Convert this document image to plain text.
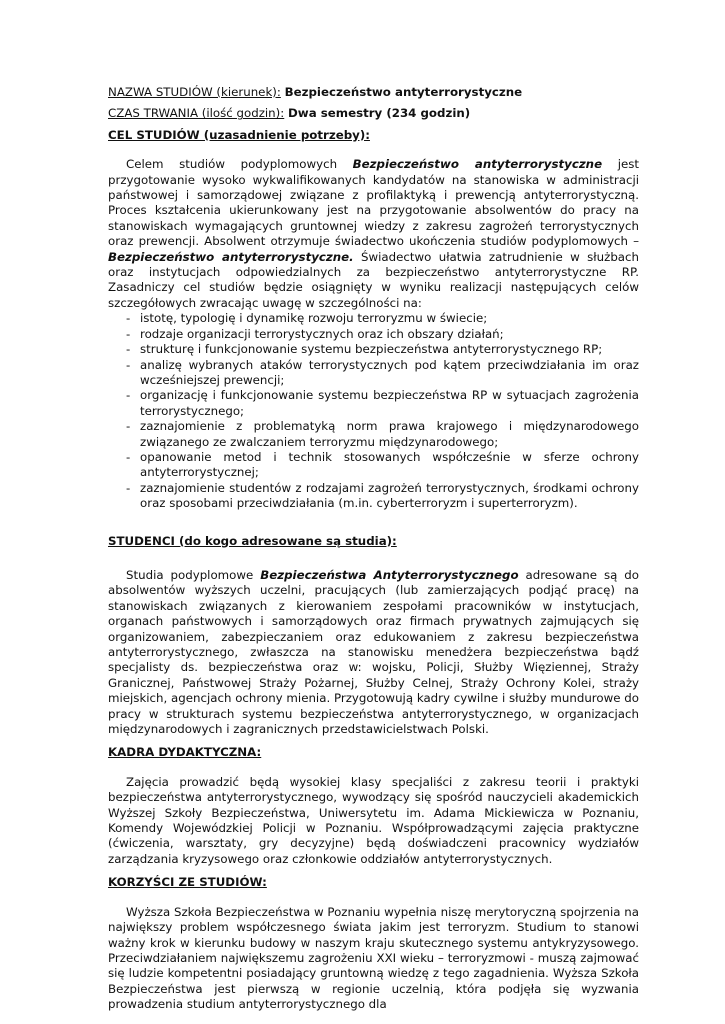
NAZWA STUDIÓW (kierunek): Bezpieczeństwo antyterrorystyczne
CZAS TRWANIA (ilość godzin): Dwa semestry (234 godzin)
CEL STUDIÓW (uzasadnienie potrzeby):

Celem studiów podyplomowych Bezpieczeństwo antyterrorystyczne jest przygotowanie wysoko wykwalifikowanych kandydatów na stanowiska w administracji państwowej i samorządowej związane z profilaktyką i prewencją antyterrorystyczną. Proces kształcenia ukierunkowany jest na przygotowanie absolwentów do pracy na stanowiskach wymagających gruntownej wiedzy z zakresu zagrożeń terrorystycznych oraz prewencji. Absolwent otrzymuje świadectwo ukończenia studiów podyplomowych – Bezpieczeństwo antyterrorystyczne. Świadectwo ułatwia zatrudnienie w służbach oraz instytucjach odpowiedzialnych za bezpieczeństwo antyterrorystyczne RP. Zasadniczy cel studiów będzie osiągnięty w wyniku realizacji następujących celów szczegółowych zwracając uwagę w szczególności na:

- istotę, typologię i dynamikę rozwoju terroryzmu w świecie;
- rodzaje organizacji terrorystycznych oraz ich obszary działań;
- strukturę i funkcjonowanie systemu bezpieczeństwa antyterrorystycznego RP;
- analizę wybranych ataków terrorystycznych pod kątem przeciwdziałania im oraz wcześniejszej prewencji;
- organizację i funkcjonowanie systemu bezpieczeństwa RP w sytuacjach zagrożenia terrorystycznego;
- zaznajomienie z problematyką norm prawa krajowego i międzynarodowego związanego ze zwalczaniem terroryzmu międzynarodowego;
- opanowanie metod i technik stosowanych współcześnie w sferze ochrony antyterrorystycznej;
- zaznajomienie studentów z rodzajami zagrożeń terrorystycznych, środkami ochrony oraz sposobami przeciwdziałania (m.in. cyberterroryzm i superterroryzm).
STUDENCI (do kogo adresowane są studia):

Studia podyplomowe Bezpieczeństwa Antyterrorystycznego adresowane są do absolwentów wyższych uczelni, pracujących (lub zamierzających podjąć pracę) na stanowiskach związanych z kierowaniem zespołami pracowników w instytucjach, organach państwowych i samorządowych oraz firmach prywatnych zajmujących się organizowaniem, zabezpieczaniem oraz edukowaniem z zakresu bezpieczeństwa antyterrorystycznego, zwłaszcza na stanowisku menedżera bezpieczeństwa bądź specjalisty ds. bezpieczeństwa oraz w: wojsku, Policji, Służby Więziennej, Straży Granicznej, Państwowej Straży Pożarnej, Służby Celnej, Straży Ochrony Kolei, straży miejskich, agencjach ochrony mienia. Przygotowują kadry cywilne i służby mundurowe do pracy w strukturach systemu bezpieczeństwa antyterrorystycznego, w organizacjach międzynarodowych i zagranicznych przedstawicielstwach Polski.

KADRA DYDAKTYCZNA:

Zajęcia prowadzić będą wysokiej klasy specjaliści z zakresu teorii i praktyki bezpieczeństwa antyterrorystycznego, wywodzący się spośród nauczycieli akademickich Wyższej Szkoły Bezpieczeństwa, Uniwersytetu im. Adama Mickiewicza w Poznaniu, Komendy Wojewódzkiej Policji w Poznaniu. Współprowadzącymi zajęcia praktyczne (ćwiczenia, warsztaty, gry decyzyjne) będą doświadczeni pracownicy wydziałów zarządzania kryzysowego oraz członkowie oddziałów antyterrorystycznych.

KORZYŚCI ZE STUDIÓW:

Wyższa Szkoła Bezpieczeństwa w Poznaniu wypełnia niszę merytoryczną spojrzenia na największy problem współczesnego świata jakim jest terroryzm. Studium to stanowi ważny krok w kierunku budowy w naszym kraju skutecznego systemu antykryzysowego. Przeciwdziałaniem największemu zagrożeniu XXI wieku – terroryzmowi - muszą zajmować się ludzie kompetentni posiadający gruntowną wiedzę z tego zagadnienia. Wyższa Szkoła Bezpieczeństwa jest pierwszą w regionie uczelnią, która podjęła się wyzwania prowadzenia studium antyterrorystycznego dla
